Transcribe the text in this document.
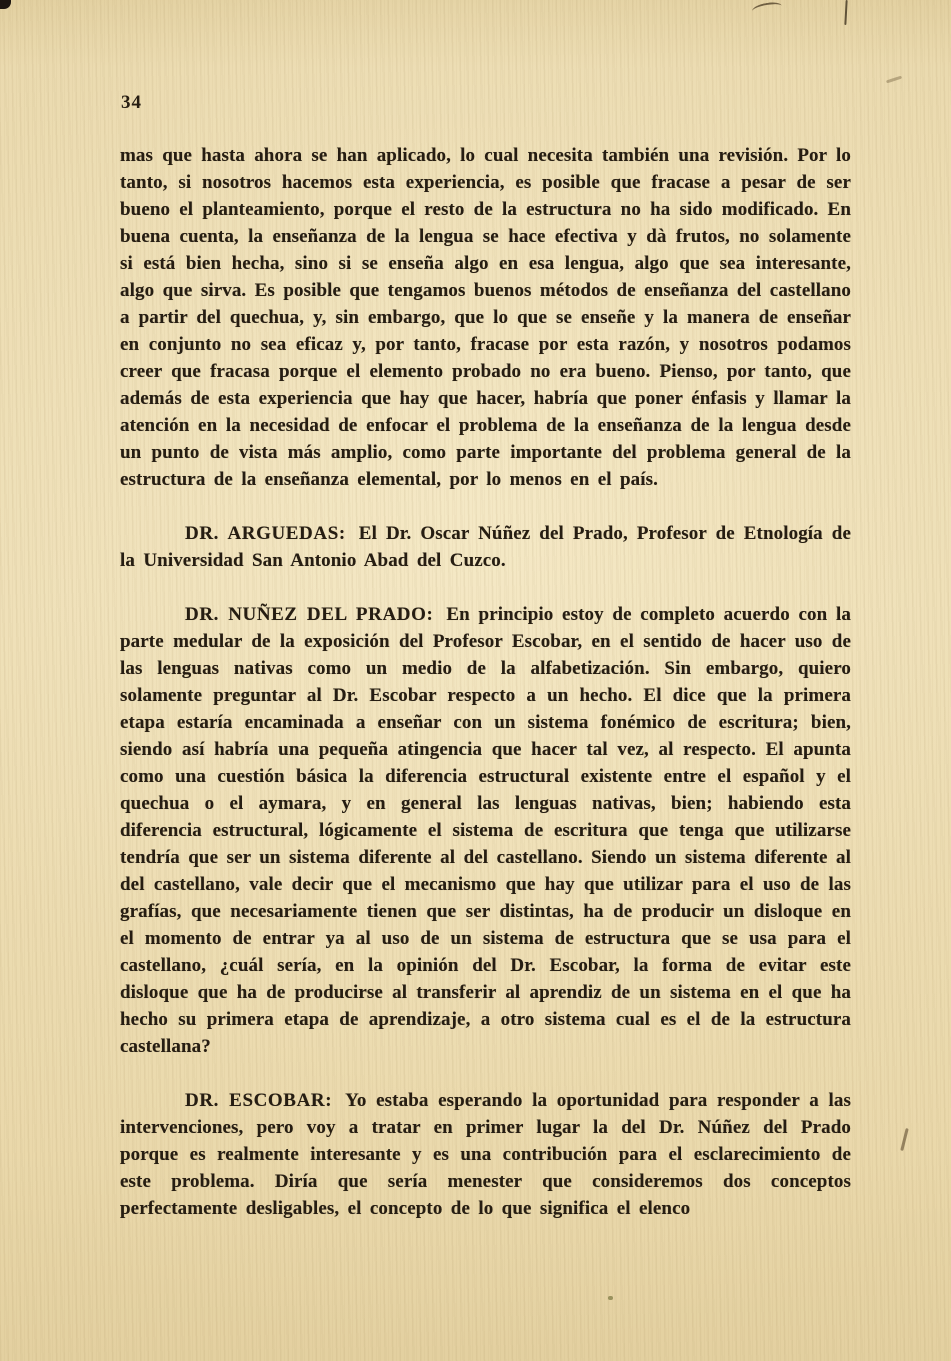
34

mas que hasta ahora se han aplicado, lo cual necesita también una revisión. Por lo tanto, si nosotros hacemos esta experiencia, es posible que fracase a pesar de ser bueno el planteamiento, porque el resto de la estructura no ha sido modificado. En buena cuenta, la enseñanza de la lengua se hace efectiva y dà frutos, no solamente si está bien hecha, sino si se enseña algo en esa lengua, algo que sea interesante, algo que sirva. Es posible que tengamos buenos métodos de enseñanza del castellano a partir del quechua, y, sin embargo, que lo que se enseñe y la manera de enseñar en conjunto no sea eficaz y, por tanto, fracase por esta razón, y nosotros podamos creer que fracasa porque el elemento probado no era bueno. Pienso, por tanto, que además de esta experiencia que hay que hacer, habría que poner énfasis y llamar la atención en la necesidad de enfocar el problema de la enseñanza de la lengua desde un punto de vista más amplio, como parte importante del problema general de la estructura de la enseñanza elemental, por lo menos en el país.

DR. ARGUEDAS: El Dr. Oscar Núñez del Prado, Profesor de Etnología de la Universidad San Antonio Abad del Cuzco.

DR. NUÑEZ DEL PRADO: En principio estoy de completo acuerdo con la parte medular de la exposición del Profesor Escobar, en el sentido de hacer uso de las lenguas nativas como un medio de la alfabetización. Sin embargo, quiero solamente preguntar al Dr. Escobar respecto a un hecho. El dice que la primera etapa estaría encaminada a enseñar con un sistema fonémico de escritura; bien, siendo así habría una pequeña atingencia que hacer tal vez, al respecto. El apunta como una cuestión básica la diferencia estructural existente entre el español y el quechua o el aymara, y en general las lenguas nativas, bien; habiendo esta diferencia estructural, lógicamente el sistema de escritura que tenga que utilizarse tendría que ser un sistema diferente al del castellano. Siendo un sistema diferente al del castellano, vale decir que el mecanismo que hay que utilizar para el uso de las grafías, que necesariamente tienen que ser distintas, ha de producir un disloque en el momento de entrar ya al uso de un sistema de estructura que se usa para el castellano, ¿cuál sería, en la opinión del Dr. Escobar, la forma de evitar este disloque que ha de producirse al transferir al aprendiz de un sistema en el que ha hecho su primera etapa de aprendizaje, a otro sistema cual es el de la estructura castellana?

DR. ESCOBAR: Yo estaba esperando la oportunidad para responder a las intervenciones, pero voy a tratar en primer lugar la del Dr. Núñez del Prado porque es realmente interesante y es una contribución para el esclarecimiento de este problema. Diría que sería menester que consideremos dos conceptos perfectamente desligables, el concepto de lo que significa el elenco
